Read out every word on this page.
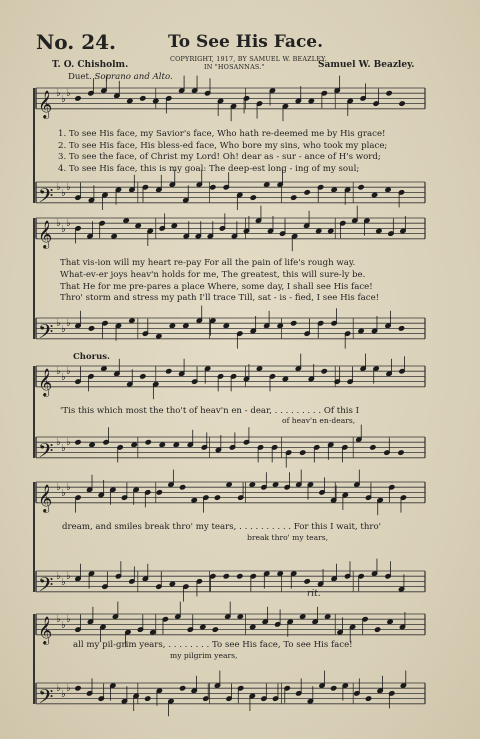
No. 24.	To See His Face.
COPYRIGHT, 1917, BY SAMUEL W. BEAZLEY.
IN "HOSANNAS."
T. O. Chisholm.	Samuel W. Beazley.
Duet. Soprano and Alto.
𝄞 ♭
♭
♭
𝄢 ♭
♭
♭
𝄞 ♭
♭
♭
𝄢 ♭
♭
♭
𝄞 ♭
♭
♭
𝄢 ♭
♭
♭
𝄞 ♭
♭
♭
𝄢 ♭
♭
♭
𝄞 ♭
♭
♭
𝄢 ♭
♭
♭
1. To see His face, my Savior's face, Who hath re-deemed me by His grace!
2. To see His face, His bless-ed face, Who bore my sins, who took my place;
3. To see the face, of Christ my Lord! Oh! dear as - sur - ance of H's word;
4. To see His face, this is my goal: The deep-est long - ing of my soul;
That vis-ion will my heart re-pay For all the pain of life's rough way.
What-ev-er joys heav'n holds for me, The greatest, this will sure-ly be.
That He for me pre-pares a place Where, some day, I shall see His face!
Thro' storm and stress my path I'll trace Till, sat - is - fied, I see His face!
Chorus.
'Tis this which most the tho't of heav'n en - dear, . . . . . . . . . Of this I
of heav'n en-dears,
dream, and smiles break thro' my tears, . . . . . . . . . . For this I wait, thro'
break thro' my tears,
rit.
all my pil-grim years, . . . . . . . . To see His face, To see His face!
my pilgrim years,
